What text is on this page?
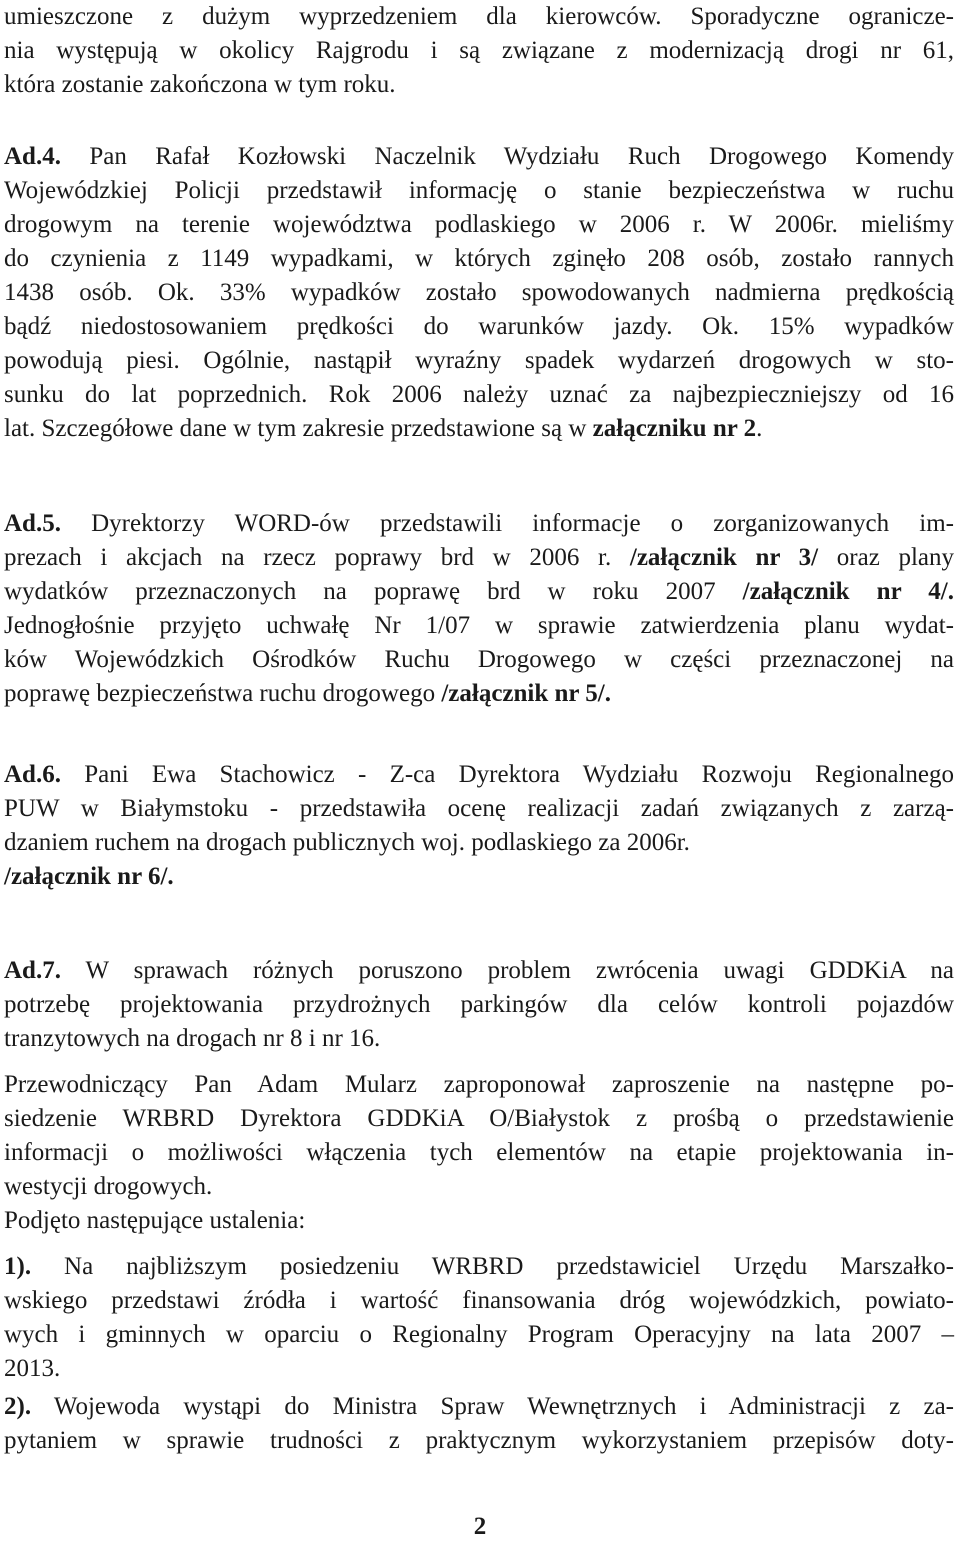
umieszczone z dużym wyprzedzeniem dla kierowców. Sporadyczne ogranicze-
nia występują w okolicy Rajgrodu i są związane z modernizacją drogi nr 61,
która zostanie zakończona w tym roku.
Ad.4. Pan Rafał Kozłowski Naczelnik Wydziału Ruch Drogowego Komendy
Wojewódzkiej Policji przedstawił informację o stanie bezpieczeństwa w ruchu
drogowym na terenie województwa podlaskiego w 2006 r. W 2006r. mieliśmy
do czynienia z 1149 wypadkami, w których zginęło 208 osób, zostało rannych
1438 osób. Ok. 33% wypadków zostało spowodowanych nadmierna prędkością
bądź niedostosowaniem prędkości do warunków jazdy. Ok. 15% wypadków
powodują piesi. Ogólnie, nastąpił wyraźny spadek wydarzeń drogowych w sto-
sunku do lat poprzednich. Rok 2006 należy uznać za najbezpieczniejszy od 16
lat. Szczegółowe dane w tym zakresie przedstawione są w załączniku nr 2.
Ad.5. Dyrektorzy WORD-ów przedstawili informacje o zorganizowanych im-
prezach i akcjach na rzecz poprawy brd w 2006 r. /załącznik nr 3/ oraz plany
wydatków przeznaczonych na poprawę brd w roku 2007 /załącznik nr 4/.
Jednogłośnie przyjęto uchwałę Nr 1/07 w sprawie zatwierdzenia planu wydat-
ków Wojewódzkich Ośrodków Ruchu Drogowego w części przeznaczonej na
poprawę bezpieczeństwa ruchu drogowego /załącznik nr 5/.
Ad.6. Pani Ewa Stachowicz - Z-ca Dyrektora Wydziału Rozwoju Regionalnego
PUW w Białymstoku - przedstawiła ocenę realizacji zadań związanych z zarzą-
dzaniem ruchem na drogach publicznych woj. podlaskiego za 2006r.
/załącznik nr 6/.
Ad.7. W sprawach różnych poruszono problem zwrócenia uwagi GDDKiA na
potrzebę projektowania przydrożnych parkingów dla celów kontroli pojazdów
tranzytowych na drogach nr 8 i nr 16.
Przewodniczący Pan Adam Mularz zaproponował zaproszenie na następne po-
siedzenie WRBRD Dyrektora GDDKiA O/Białystok z prośbą o przedstawienie
informacji o możliwości włączenia tych elementów na etapie projektowania in-
westycji drogowych.
Podjęto następujące ustalenia:
1). Na najbliższym posiedzeniu WRBRD przedstawiciel Urzędu Marszałko-
wskiego przedstawi źródła i wartość finansowania dróg wojewódzkich, powiato-
wych i gminnych w oparciu o Regionalny Program Operacyjny na lata 2007 –
2013.
2). Wojewoda wystąpi do Ministra Spraw Wewnętrznych i Administracji z za-
pytaniem w sprawie trudności z praktycznym wykorzystaniem przepisów doty-
2
